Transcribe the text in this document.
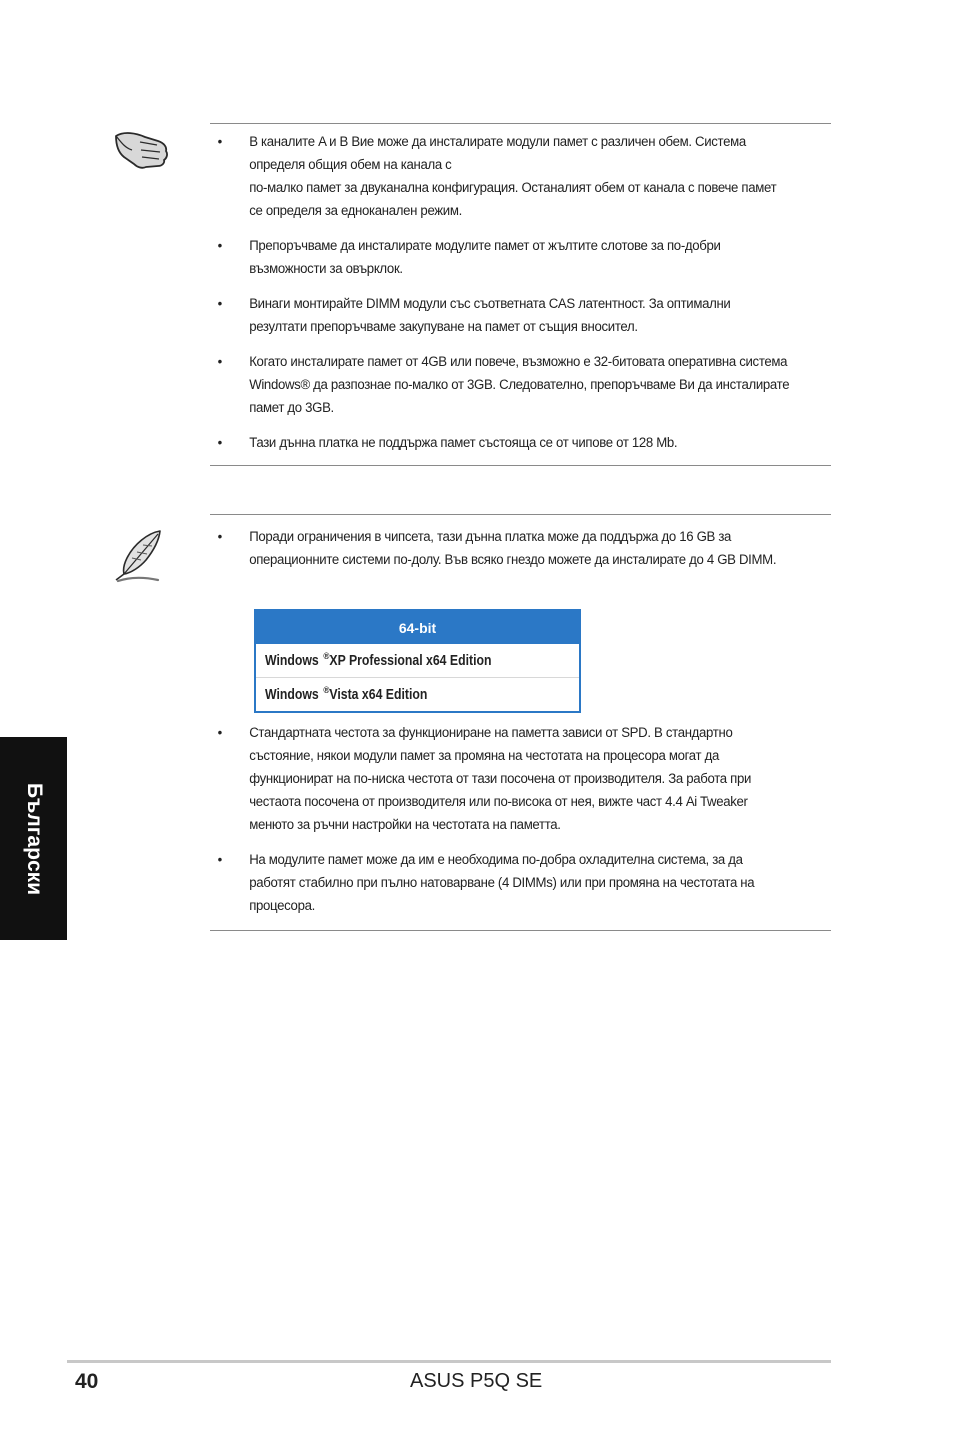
• В каналите A и B Вие може да инсталирате модули памет с различен обем. Система определя общия обем на канала с

по-малко памет за двуканална конфигурация. Останалият обем от канала с повече памет се определя за едноканален режим.

• Препоръчваме да инсталирате модулите памет от жълтите слотове за по-добри възможности за овърклок.

• Винаги монтирайте DIMM модули със съответната CAS латентност. За оптимални резултати препоръчваме закупуване на памет от същия вносител.

• Когато инсталирате памет от 4GB или повече, възможно е 32-битовата оперативна система Windows® да разпознае по-малко от 3GB. Следователно, препоръчваме Ви да инсталирате памет до 3GB.

• Тази дънна платка не поддържа памет състояща се от чипове от 128 Mb.

• Поради ограничения в чипсета, тази дънна платка може да поддържа до 16 GB за операционните системи по-долу. Във всяко гнездо можете да инсталирате до 4 GB DIMM.

64-bit
Windows ®XP Professional x64 Edition
Windows ®Vista x64 Edition

• Стандартната честота за функциониране на паметта зависи от SPD. В стандартно състояние, някои модули памет за промяна на честотата на процесора могат да функционират на по-ниска честота от тази посочена от производителя. За работа при честаота посочена от производителя или по-висока от нея, вижте част 4.4 Ai Tweaker менюто за ръчни настройки на честотата на паметта.

• На модулите памет може да им е необходима по-добра охладителна система, за да работят стабилно при пълно натоварване (4 DIMMs) или при промяна на честотата на процесора.

Български
40	ASUS P5Q SE
